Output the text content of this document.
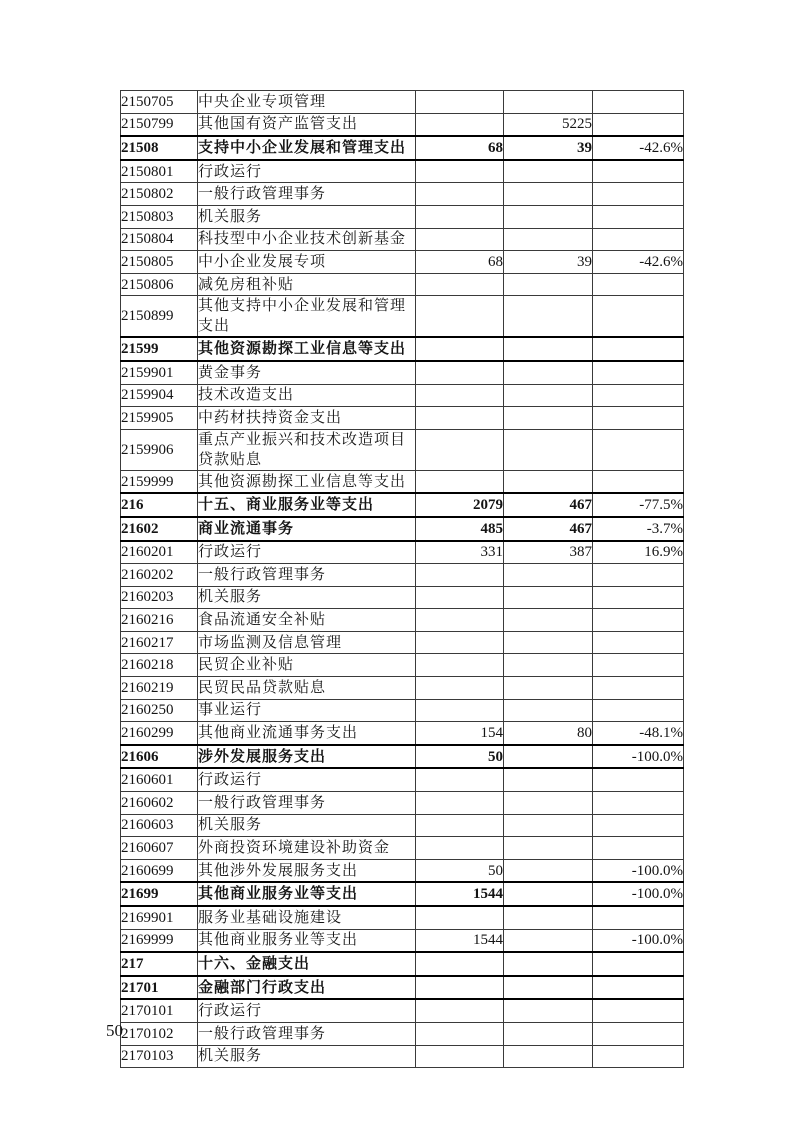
2150705	中央企业专项管理			
2150799	其他国有资产监管支出		5225	
21508	支持中小企业发展和管理支出	68	39	-42.6%
2150801	行政运行			
2150802	一般行政管理事务			
2150803	机关服务			
2150804	科技型中小企业技术创新基金			
2150805	中小企业发展专项	68	39	-42.6%
2150806	减免房租补贴			
2150899	其他支持中小企业发展和管理支出			
21599	其他资源勘探工业信息等支出			
2159901	黄金事务			
2159904	技术改造支出			
2159905	中药材扶持资金支出			
2159906	重点产业振兴和技术改造项目贷款贴息			
2159999	其他资源勘探工业信息等支出			
216	十五、商业服务业等支出	2079	467	-77.5%
21602	商业流通事务	485	467	-3.7%
2160201	行政运行	331	387	16.9%
2160202	一般行政管理事务			
2160203	机关服务			
2160216	食品流通安全补贴			
2160217	市场监测及信息管理			
2160218	民贸企业补贴			
2160219	民贸民品贷款贴息			
2160250	事业运行			
2160299	其他商业流通事务支出	154	80	-48.1%
21606	涉外发展服务支出	50		-100.0%
2160601	行政运行			
2160602	一般行政管理事务			
2160603	机关服务			
2160607	外商投资环境建设补助资金			
2160699	其他涉外发展服务支出	50		-100.0%
21699	其他商业服务业等支出	1544		-100.0%
2169901	服务业基础设施建设			
2169999	其他商业服务业等支出	1544		-100.0%
217	十六、金融支出			
21701	金融部门行政支出			
2170101	行政运行			
2170102	一般行政管理事务			
2170103	机关服务			
50
